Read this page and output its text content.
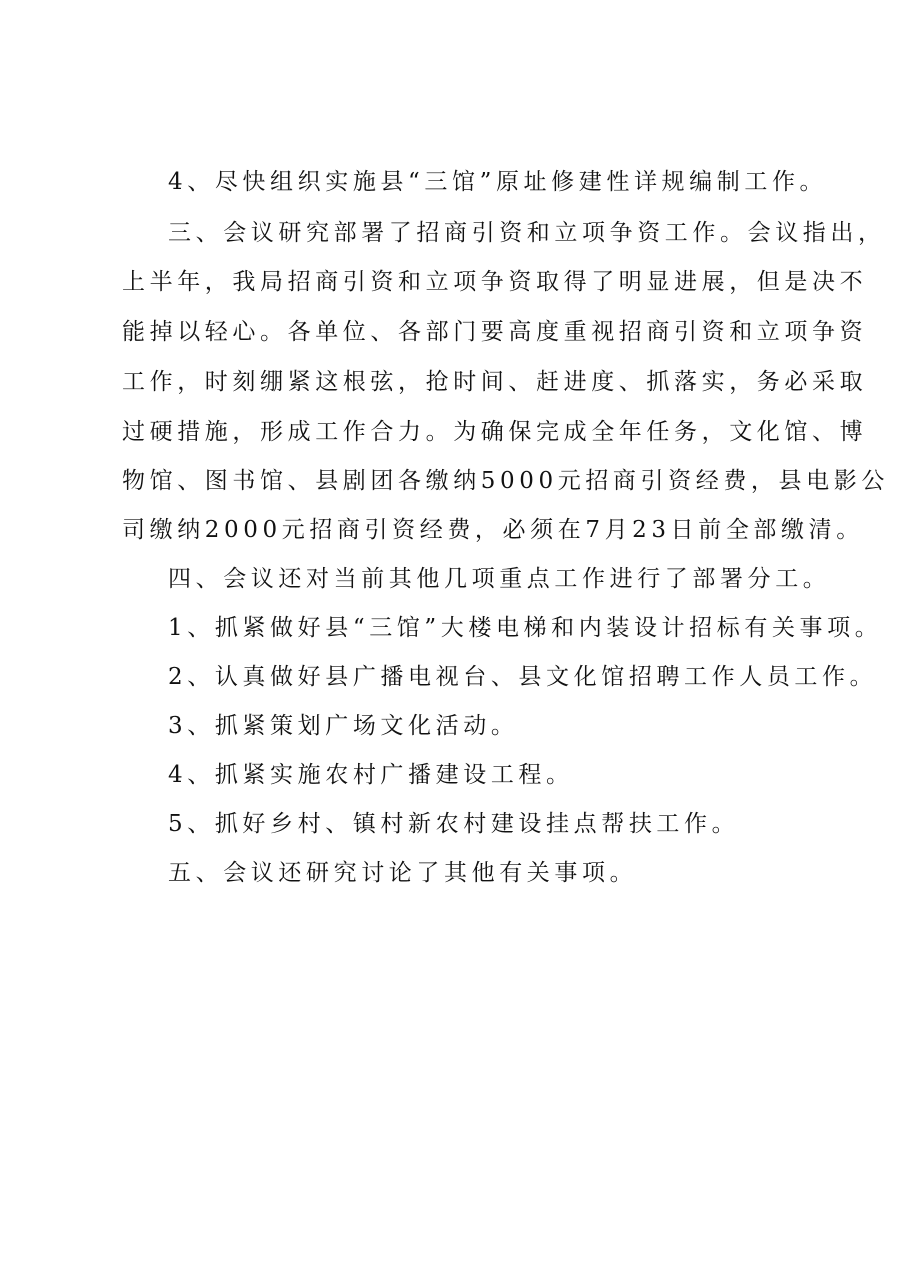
4、尽快组织实施县“三馆”原址修建性详规编制工作。
三、会议研究部署了招商引资和立项争资工作。会议指出，
上半年，我局招商引资和立项争资取得了明显进展，但是决不
能掉以轻心。各单位、各部门要高度重视招商引资和立项争资
工作，时刻绷紧这根弦，抢时间、赶进度、抓落实，务必采取
过硬措施，形成工作合力。为确保完成全年任务，文化馆、博
物馆、图书馆、县剧团各缴纳5000元招商引资经费，县电影公
司缴纳2000元招商引资经费，必须在7月23日前全部缴清。
四、会议还对当前其他几项重点工作进行了部署分工。
1、抓紧做好县“三馆”大楼电梯和内装设计招标有关事项。
2、认真做好县广播电视台、县文化馆招聘工作人员工作。
3、抓紧策划广场文化活动。
4、抓紧实施农村广播建设工程。
5、抓好乡村、镇村新农村建设挂点帮扶工作。
五、会议还研究讨论了其他有关事项。
